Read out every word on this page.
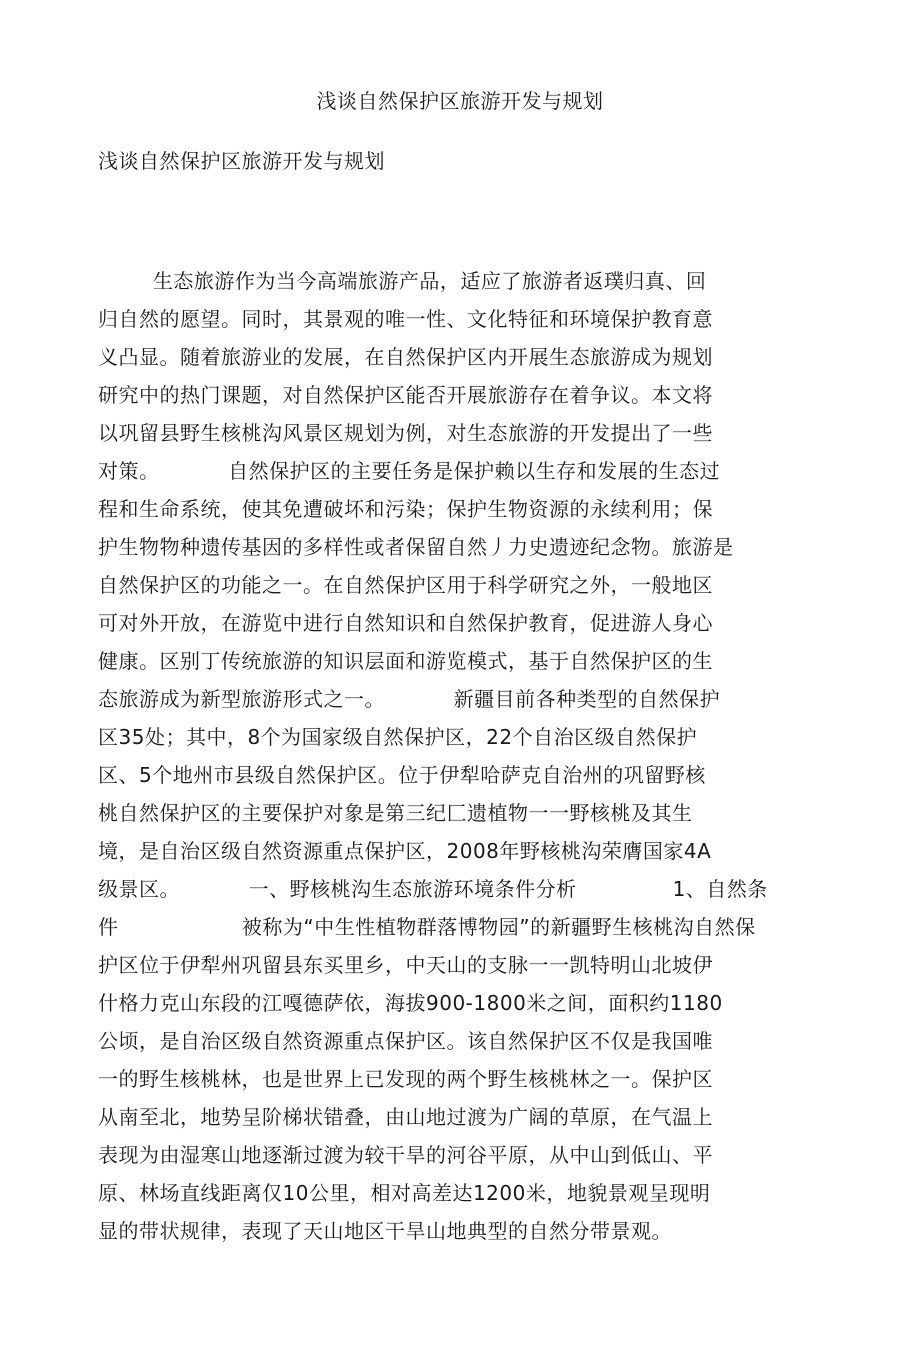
浅谈自然保护区旅游开发与规划
浅谈自然保护区旅游开发与规划
生态旅游作为当今高端旅游产品，适应了旅游者返璞归真、回
归自然的愿望。同时，其景观的唯一性、文化特征和环境保护教育意
义凸显。随着旅游业的发展，在自然保护区内开展生态旅游成为规划
研究中的热门课题，对自然保护区能否开展旅游存在着争议。本文将
以巩留县野生核桃沟风景区规划为例，对生态旅游的开发提出了一些
对策。          自然保护区的主要任务是保护赖以生存和发展的生态过
程和生命系统，使其免遭破坏和污染；保护生物资源的永续利用；保
护生物物种遗传基因的多样性或者保留自然丿力史遗迹纪念物。旅游是
自然保护区的功能之一。在自然保护区用于科学研究之外，一般地区
可对外开放，在游览中进行自然知识和自然保护教育，促进游人身心
健康。区别丁传统旅游的知识层面和游览模式，基于自然保护区的生
态旅游成为新型旅游形式之一。          新疆目前各种类型的自然保护
区35处；其中，8个为国家级自然保护区，22个自治区级自然保护
区、5个地州市县级自然保护区。位于伊犁哈萨克自治州的巩留野核
桃自然保护区的主要保护对象是第三纪匚遗植物一一野核桃及其生
境，是自治区级自然资源重点保护区，2008年野核桃沟荣膺国家4A
级景区。          一、野核桃沟生态旅游环境条件分析              1、自然条
件                  被称为“中生性植物群落博物园”的新疆野生核桃沟自然保
护区位于伊犁州巩留县东买里乡，中天山的支脉一一凯特明山北坡伊
什格力克山东段的江嘎德萨依，海拔900-1800米之间，面积约1180
公顷，是自治区级自然资源重点保护区。该自然保护区不仅是我国唯
一的野生核桃林，也是世界上已发现的两个野生核桃林之一。保护区
从南至北，地势呈阶梯状错叠，由山地过渡为广阔的草原，在气温上
表现为由湿寒山地逐渐过渡为较干旱的河谷平原，从中山到低山、平
原、林场直线距离仅10公里，相对高差达1200米，地貌景观呈现明
显的带状规律，表现了天山地区干旱山地典型的自然分带景观。
